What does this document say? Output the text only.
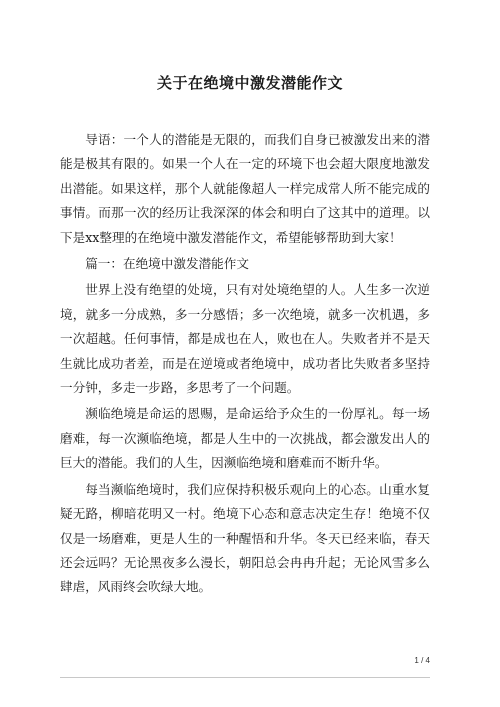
关于在绝境中激发潜能作文

导语：一个人的潜能是无限的，而我们自身已被激发出来的潜能是极其有限的。如果一个人在一定的环境下也会超大限度地激发出潜能。如果这样，那个人就能像超人一样完成常人所不能完成的事情。而那一次的经历让我深深的体会和明白了这其中的道理。以下是xx整理的在绝境中激发潜能作文，希望能够帮助到大家！

篇一：在绝境中激发潜能作文

世界上没有绝望的处境，只有对处境绝望的人。人生多一次逆境，就多一分成熟，多一分感悟；多一次绝境，就多一次机遇，多一次超越。任何事情，都是成也在人，败也在人。失败者并不是天生就比成功者差，而是在逆境或者绝境中，成功者比失败者多坚持一分钟，多走一步路，多思考了一个问题。

濒临绝境是命运的恩赐，是命运给予众生的一份厚礼。每一场磨难，每一次濒临绝境，都是人生中的一次挑战，都会激发出人的巨大的潜能。我们的人生，因濒临绝境和磨难而不断升华。

每当濒临绝境时，我们应保持积极乐观向上的心态。山重水复疑无路，柳暗花明又一村。绝境下心态和意志决定生存！绝境不仅仅是一场磨难，更是人生的一种醒悟和升华。冬天已经来临，春天还会远吗？无论黑夜多么漫长，朝阳总会冉冉升起；无论风雪多么肆虐，风雨终会吹绿大地。

1 / 4
